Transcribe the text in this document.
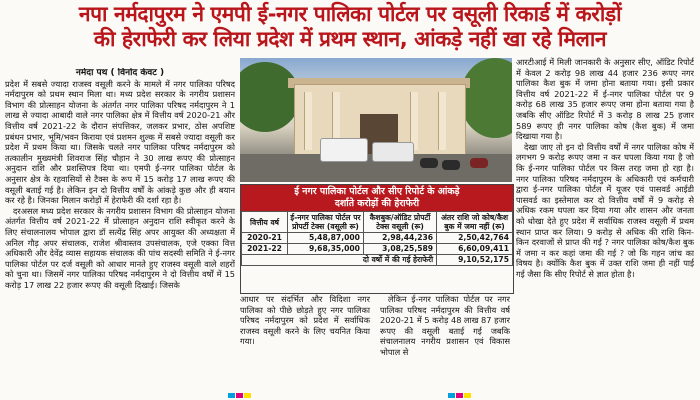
नपा नर्मदापुरम ने एमपी ई-नगर पालिका पोर्टल पर वसूली रिकार्ड में करोड़ों
की हेराफेरी कर लिया प्रदेश में प्रथम स्थान, आंकड़े नहीं खा रहे मिलान

नर्मदा पथ ( विनोद केवट )

प्रदेश में सबसे ज्यादा राजस्व वसूली करने के मामले में नगर पालिका परिषद नर्मदापुरम को प्रथम स्थान मिला था। मध्य प्रदेश सरकार के नगरीय प्रशासन विभाग की प्रोत्साहन योजना के अंतर्गत नगर पालिका परिषद नर्मदापुरम ने 1 लाख से ज्यादा आबादी वाले नगर पालिका क्षेत्र में वित्तीय वर्ष 2020-21 और वित्तीय वर्ष 2021-22 के दौरान संपत्तिकर, जलकर प्रभार, ठोस अपशिष्ट प्रबंधन प्रभार, भूमि/भवन किराया एवं प्रशमन शुल्क में सबसे ज्यादा वसूली कर प्रदेश में प्रथम किया था। जिसके चलते नगर पालिका परिषद नर्मदापुरम को तत्कालीन मुख्यमंत्री शिवराज सिंह चौहान ने 30 लाख रूपए की प्रोत्साहन अनुदान राशि और प्रशस्तिपत्र दिया था। एमपी ई-नगर पालिका पोर्टल के अनुसार क्षेत्र के रहवासियों से टैक्स के रूप में 15 करोड़ 17 लाख रूपए की वसूली बताई गई है। लेकिन इन दो वित्तीय वर्षों के आंकड़े कुछ और ही बयान कर रहे है। जिनका मिलान करोड़ों में हेराफेरी की दर्शा रहा है।

दरअसल मध्य प्रदेश सरकार के नगरीय प्रशासन विभाग की प्रोत्साहन योजना अंतर्गत वित्तीय वर्ष 2021-22 में प्रोत्साहन अनुदान राशि स्वीकृत करने के लिए संचालनालय भोपाल द्वारा डॉ सत्येंद्र सिंह अपर आयुक्त की अध्यक्षता में अनिल गौड़ अपर संचालक, राजेश श्रीवास्तव उपसंचालक, एजे एक्का वित्त अधिकारी और देवेंद्र व्यास सहायक संचालक की पांच सदस्यी समिति ने ई-नगर पालिका पोर्टल पर दर्ज वसूली को आधार मानते हुए राजस्व वसूली वाले शहरों को चुना था। जिसमें नगर पालिका परिषद नर्मदापुरम ने दो वित्तीय वर्षों में 15 करोड़ 17 लाख 22 हजार रूपए की वसूली दिखाई। जिसके

ई नगर पालिका पोर्टल और सीए रिपोर्ट के आंकड़े
दर्शाते करोड़ों की हेराफेरी
वित्तीय वर्ष	ई-नगर पालिका पोर्टल पर प्रोपर्टी टेक्स (वसूली रू)	कैशबुक/ऑडिट प्रोपर्टी टेक्स वसूली (रू)	अंतर राशि जो कोष/कैश बुक में जमा नहीं (रू)
2020-21	5,48,87,000	2,98,44,236	2,50,42,764
2021-22	9,68,35,000	3,08,25,589	6,60,09,411
दो वर्षो में की गई हेराफेरी			9,10,52,175

आधार पर संदर्भित और विदिशा नगर पालिका को पीछे छोड़ते हुए नगर पालिका परिषद नर्मदापुरम को प्रदेश में सर्वाधिक राजस्व वसूली करने के लिए चयनित किया गया।

लेकिन ई-नगर पालिका पोर्टल पर नगर पालिका परिषद नर्मदापुरम की वित्तीय वर्ष 2020-21 में 5 करोड़ 48 लाख 87 हजार रूपए की वसूली बताई गई जबकि संचालनालय नगरीय प्रशासन एवं विकास भोपाल से

आरटीआई में मिली जानकारी के अनुसार सीए, ऑडिट रिपोर्ट में केवल 2 करोड़ 98 लाख 44 हजार 236 रूपए नगर पालिका कैश बुक में जमा होना बताया गया। इसी प्रकार वित्तीय वर्ष 2021-22 में ई-नगर पालिका पोर्टल पर 9 करोड़ 68 लाख 35 हजार रूपए जमा होना बताया गया है जबकि सीए ऑडिट रिपोर्ट में 3 करोड़ 8 लाख 25 हजार 589 रूपए ही नगर पालिका कोष (कैश बुक) में जमा दिखाया गया है।

देखा जाए तो इन दो वित्तीय वर्षों में नगर पालिका कोष में लगभग 9 करोड़ रूपए जमा न कर घपला किया गया है जो कि ई-नगर पालिका पोर्टल पर किस तरह जमा हो रहा है। नगर पालिका परिषद नर्मदापुरम के अधिकारी एवं कर्मचारी द्वारा ई-नगर पालिका पोर्टल में यूजर एवं पासवर्ड आईडी पासवर्ड का इस्तेमाल कर दो वित्तीय वर्षों में 9 करोड़ से अधिक रकम घपला कर दिया गया और शासन और जनता को धोखा देते हुए प्रदेश में सर्वाधिक राजस्व वसूली में प्रथम स्थान प्राप्त कर लिया। 9 करोड़ से अधिक की राशि किन-किन दरवाजों से प्राप्त की गई ? नगर पालिका कोष/कैश बुक में जमा न कर कहां जमा की गई ? जो कि गहन जांच का विषय है। क्योंकि कैश बुक में उक्त राशि जमा ही नहीं पाई गई जैसा कि सीए रिपोर्ट से ज्ञात होता है।
